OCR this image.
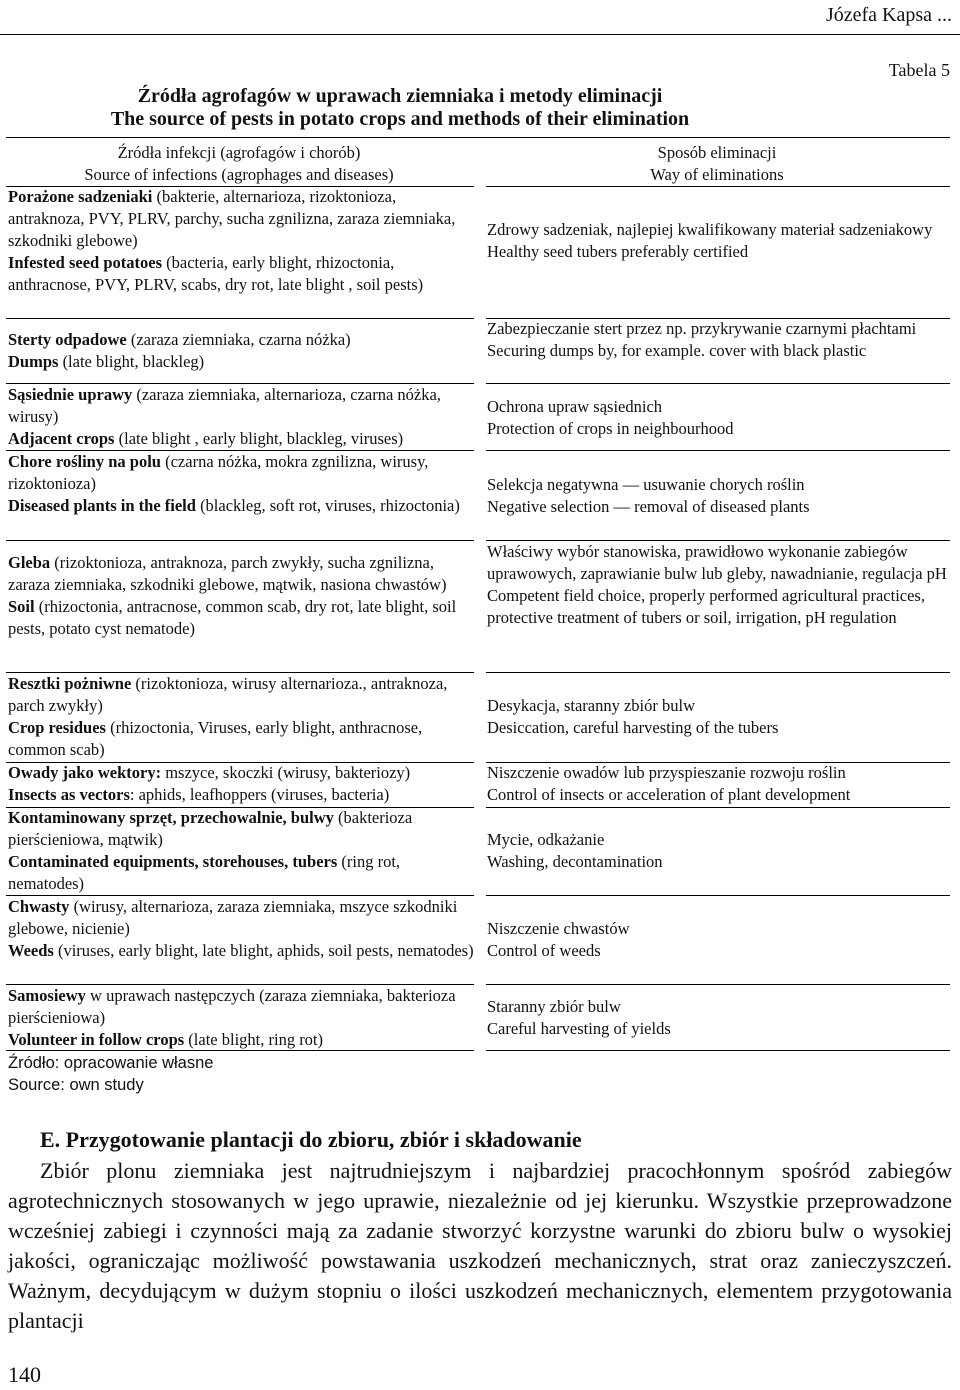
Józefa Kapsa ...
Tabela 5
Źródła agrofagów w uprawach ziemniaka i metody eliminacji
The source of pests in potato crops and methods of their elimination
Źródła infekcji (agrofagów i chorób)
Source of infections (agrophages and diseases)
Sposób eliminacji
Way of eliminations
Porażone sadzeniaki (bakterie, alternarioza, rizoktonioza, antraknoza, PVY, PLRV, parchy, sucha zgnilizna, zaraza ziemniaka, szkodniki glebowe)
Infested seed potatoes (bacteria, early blight, rhizoctonia, anthracnose, PVY, PLRV, scabs, dry rot, late blight , soil pests)
Zdrowy sadzeniak, najlepiej kwalifikowany materiał sadzeniakowy
Healthy seed tubers preferably certified
Sterty odpadowe (zaraza ziemniaka, czarna nóżka)
Dumps (late blight, blackleg)
Zabezpieczanie stert przez np. przykrywanie czarnymi płachtami
Securing dumps by, for example. cover with black plastic
Sąsiednie uprawy (zaraza ziemniaka, alternarioza, czarna nóżka, wirusy)
Adjacent crops (late blight , early blight, blackleg, viruses)
Ochrona upraw sąsiednich
Protection of crops in neighbourhood
Chore rośliny na polu (czarna nóżka, mokra zgnilizna, wirusy, rizoktonioza)
Diseased plants in the field (blackleg, soft rot, viruses, rhizoctonia)
Selekcja negatywna — usuwanie chorych roślin
Negative selection — removal of diseased plants
Gleba (rizoktonioza, antraknoza, parch zwykły, sucha zgnilizna, zaraza ziemniaka, szkodniki glebowe, mątwik, nasiona chwastów)
Soil (rhizoctonia, antracnose, common scab, dry rot, late blight, soil pests, potato cyst nematode)
Właściwy wybór stanowiska, prawidłowo wykonanie zabiegów uprawowych, zaprawianie bulw lub gleby, nawadnianie, regulacja pH
Competent field choice, properly performed agricultural practices, protective treatment of tubers or soil, irrigation, pH regulation
Resztki pożniwne (rizoktonioza, wirusy alternarioza., antraknoza, parch zwykły)
Crop residues (rhizoctonia, Viruses, early blight, anthracnose, common scab)
Desykacja, staranny zbiór bulw
Desiccation, careful harvesting of the tubers
Owady jako wektory: mszyce, skoczki (wirusy, bakteriozy)
Insects as vectors: aphids, leafhoppers (viruses, bacteria)
Niszczenie owadów lub przyspieszanie rozwoju roślin
Control of insects or acceleration of plant development
Kontaminowany sprzęt, przechowalnie, bulwy (bakterioza pierścieniowa, mątwik)
Contaminated equipments, storehouses, tubers (ring rot, nematodes)
Mycie, odkażanie
Washing, decontamination
Chwasty (wirusy, alternarioza, zaraza ziemniaka, mszyce szkodniki glebowe, nicienie)
Weeds (viruses, early blight, late blight, aphids, soil pests, nematodes)
Niszczenie chwastów
Control of weeds
Samosiewy w uprawach następczych (zaraza ziemniaka, bakterioza pierścieniowa)
Volunteer in follow crops (late blight, ring rot)
Staranny zbiór bulw
Careful harvesting of yields
Źródło: opracowanie własne
Source: own study
E. Przygotowanie plantacji do zbioru, zbiór i składowanie
Zbiór plonu ziemniaka jest najtrudniejszym i najbardziej pracochłonnym spośród zabiegów agrotechnicznych stosowanych w jego uprawie, niezależnie od jej kierunku. Wszystkie przeprowadzone wcześniej zabiegi i czynności mają za zadanie stworzyć korzystne warunki do zbioru bulw o wysokiej jakości, ograniczając możliwość powstawania uszkodzeń mechanicznych, strat oraz zanieczyszczeń. Ważnym, decydującym w dużym stopniu o ilości uszkodzeń mechanicznych, elementem przygotowania plantacji
140
